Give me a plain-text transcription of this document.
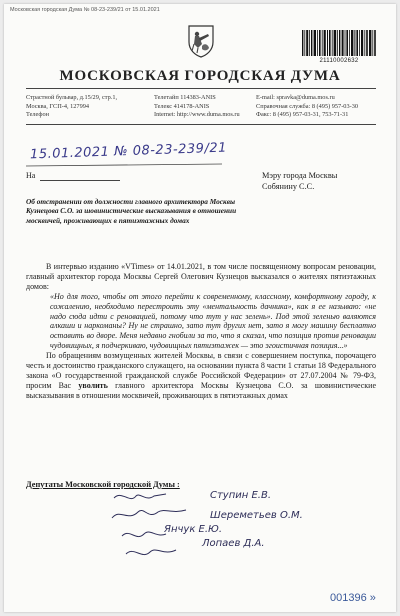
Московская городская Дума № 08-23-239/21 от 15.01.2021
21110002632
МОСКОВСКАЯ ГОРОДСКАЯ ДУМА
Страстной бульвар, д.15/29, стр.1,
Москва, ГСП-4, 127994
Телефон
Телетайп 114383-ANIS
Телекс 414178-ANIS
Internet: http://www.duma.mos.ru
E-mail: spravka@duma.mos.ru
Справочная служба: 8 (495) 957-03-30
Факс: 8 (495) 957-03-31, 753-71-31
15.01.2021 № 08-23-239/21
На	Мэру города Москвы
Собянину С.С.
Об отстранении от должности главного архитектора Москвы Кузнецова С.О. за шовинистические высказывания в отношении москвичей, проживающих в пятиэтажных домах

В интервью изданию «VTimes» от 14.01.2021, в том числе посвященному вопросам реновации, главный архитектор города Москвы Сергей Олегович Кузнецов высказался о жителях пятиэтажных домов:

«Но для того, чтобы от этого перейти к современному, классному, комфортному городу, к сожалению, необходимо перестроить эту «ментальность дачника», как я ее называю: «не надо сюда идти с реновацией, потому что тут у нас зелень». Под этой зеленью валяются алкаши и наркоманы? Ну не страшно, зато тут других нет, зато я могу машину бесплатно оставить во дворе. Меня недавно гнобили за то, что я сказал, что позиция против реновации чудовищных, я подчеркиваю, чудовищных пятиэтажек — это эгоистичная позиция...»

По обращениям возмущенных жителей Москвы, в связи с совершением поступка, порочащего честь и достоинство гражданского служащего, на основании пункта 8 части 1 статьи 18 Федерального закона «О государственной гражданской службе Российской Федерации» от 27.07.2004 № 79-ФЗ, просим Вас уволить главного архитектора Москвы Кузнецова С.О. за шовинистические высказывания в отношении москвичей, проживающих в пятиэтажных домах

Депутаты Московской городской Думы :
Ступин Е.В.
Шереметьев О.М.
Янчук Е.Ю.
Лопаев Д.А.
001396 »
